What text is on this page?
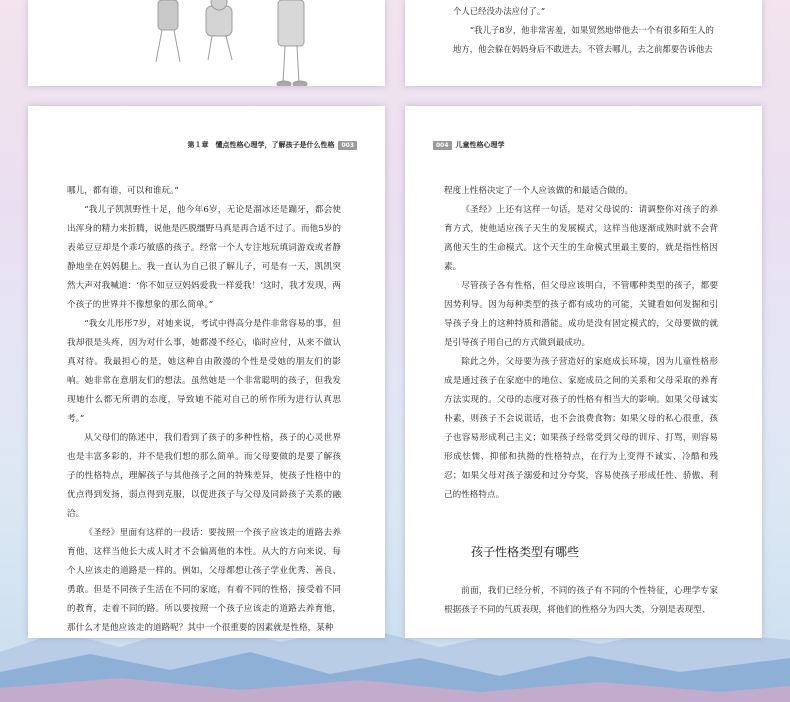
个人已经没办法应付了。”

“我儿子8岁，他非常害羞，如果贸然地带他去一个有很多陌生人的

地方，他会躲在妈妈身后不敢进去。不管去哪儿，去之前都要告诉他去

第１章　懂点性格心理学，了解孩子是什么性格	003

哪儿，都有谁，可以和谁玩。”

“我儿子凯凯野性十足，他今年6岁，无论是溜冰还是蹦牙，都会使出浑身的精力来折腾，说他是匹脱缰野马真是再合适不过了。而他5岁的表弟豆豆却是个乖巧敏感的孩子。经常一个人专注地玩填词游戏或者静静地坐在妈妈腿上。我一直认为自己很了解儿子，可是有一天，凯凯突然大声对我喊道：‘你不如豆豆妈妈爱我一样爱我！’这时，我才发现，两个孩子的世界并不像想象的那么简单。”

“我女儿彤彤7岁，对她来说，考试中得高分是件非常容易的事，但我却很是头疼，因为对什么事，她都漫不经心，临时应付，从来不做认真对待。我最担心的是，她这种自由散漫的个性是受她的朋友们的影响。她非常在意朋友们的想法。虽然她是一个非常聪明的孩子，但我发现她什么都无所谓的态度，导致她不能对自己的所作所为进行认真思考。”

从父母们的陈述中，我们看到了孩子的多种性格，孩子的心灵世界也是丰富多彩的，并不是我们想的那么简单。而父母要做的是要了解孩子的性格特点，理解孩子与其他孩子之间的特殊差异，使孩子性格中的优点得到发扬，弱点得到克服，以促进孩子与父母及同龄孩子关系的融洽。

《圣经》里面有这样的一段话：要按照一个孩子应该走的道路去养育他，这样当他长大成人时才不会偏离他的本性。从大的方向来说，每个人应该走的道路是一样的。例如，父母都想让孩子学业优秀、善良、勇敢。但是不同孩子生活在不同的家庭，有着不同的性格，接受着不同的教育，走着不同的路。所以要按照一个孩子应该走的道路去养育他，那什么才是他应该走的道路呢？其中一个很重要的因素就是性格，某种

004	儿童性格心理学

程度上性格决定了一个人应该做的和最适合做的。

《圣经》上还有这样一句话，是对父母说的：请调整你对孩子的养育方式，使他适应孩子天生的发展模式，这样当他逐渐成熟时就不会背离他天生的生命模式。这个天生的生命模式里最主要的，就是指性格因素。

尽管孩子各有性格，但父母应该明白，不管哪种类型的孩子，都要因势利导。因为每种类型的孩子都有成功的可能，关键看如何发掘和引导孩子身上的这种特质和潜能。成功是没有固定模式的，父母要做的就是引导孩子用自己的方式做到最成功。

除此之外，父母要为孩子营造好的家庭成长环境，因为儿童性格形成是通过孩子在家庭中的地位、家庭成员之间的关系和父母采取的养育方法实现的。父母的态度对孩子的性格有相当大的影响。如果父母诚实朴素，则孩子不会说谎话，也不会浪费食物；如果父母的私心很重，孩子也容易形成利己主义；如果孩子经常受到父母的训斥、打骂，则容易形成怯懦、抑郁和执拗的性格特点，在行为上变得不诚实、冷酷和残忍；如果父母对孩子溺爱和过分夸奖，容易使孩子形成任性、骄傲、利己的性格特点。

孩子性格类型有哪些

前面，我们已经分析，不同的孩子有不同的个性特征，心理学专家根据孩子不同的气质表现，将他们的性格分为四大类，分别是表现型、
